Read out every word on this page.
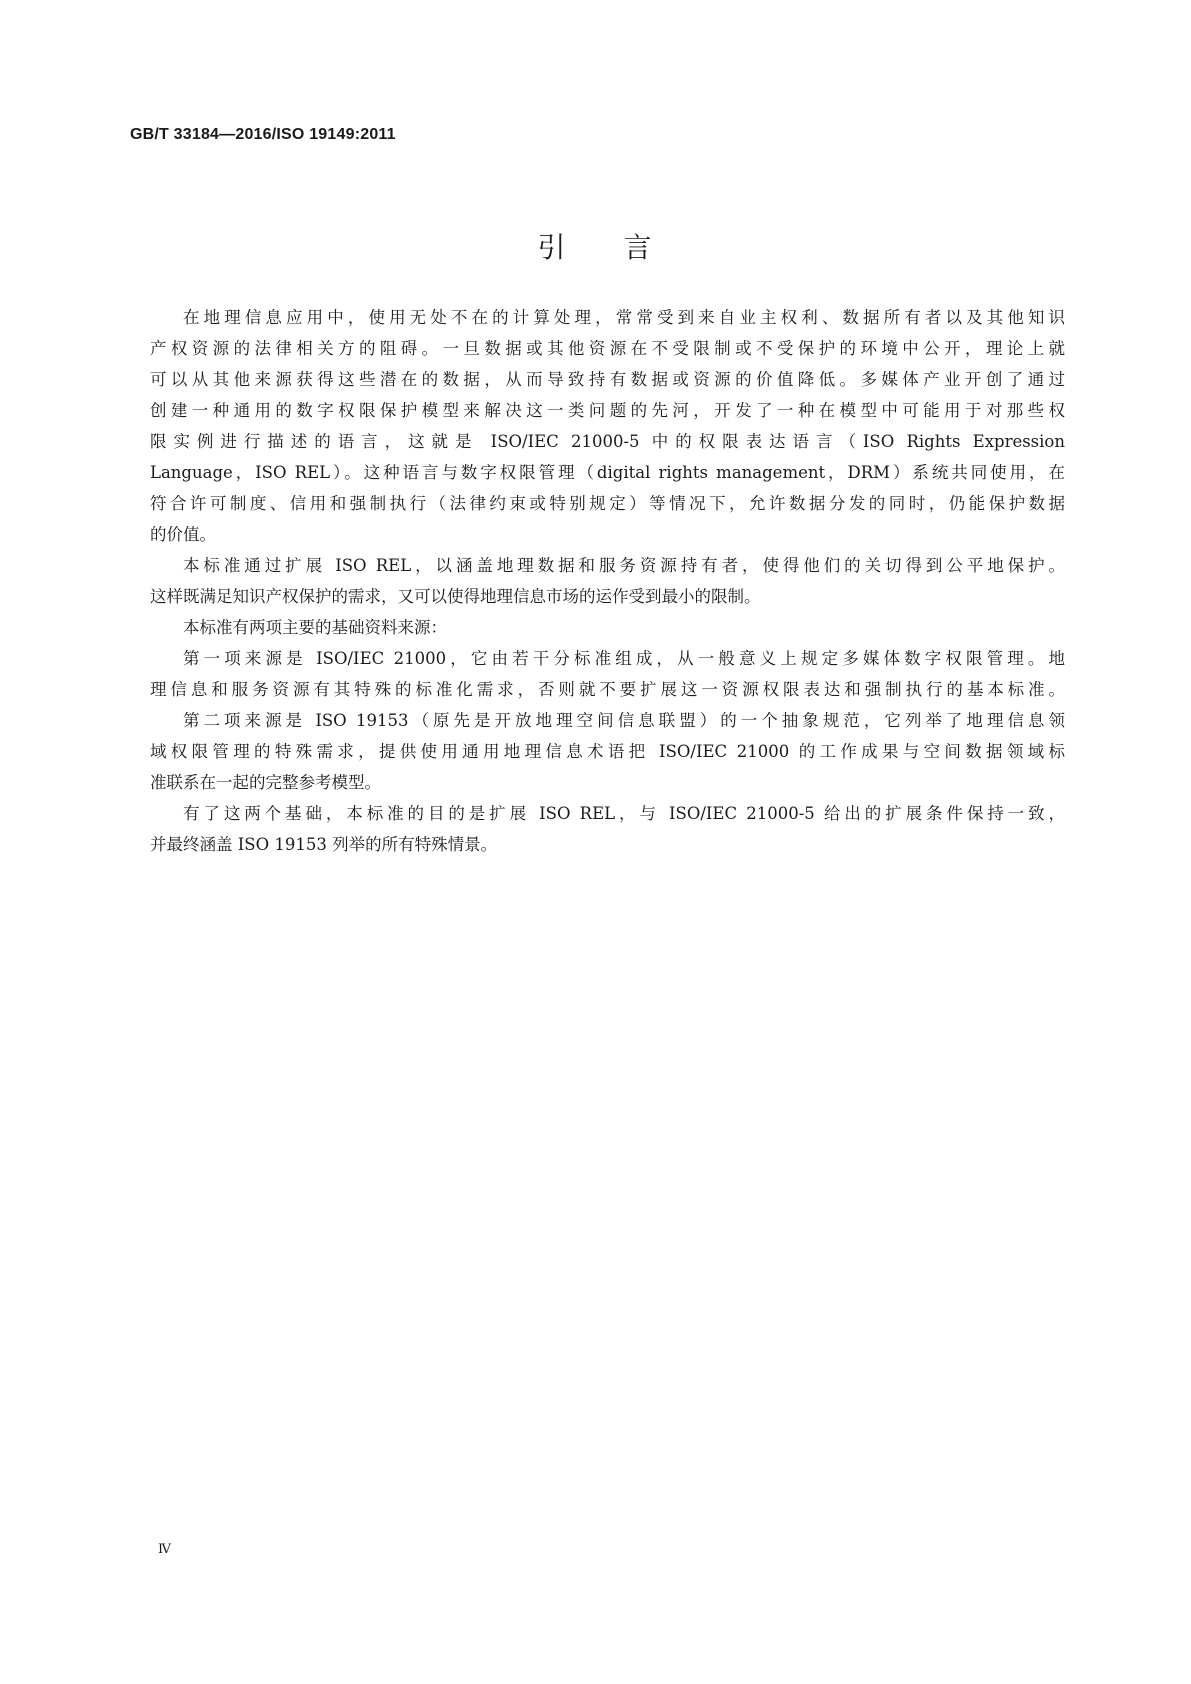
GB/T 33184—2016/ISO 19149:2011
引 言
在地理信息应用中，使用无处不在的计算处理，常常受到来自业主权利、数据所有者以及其他知识
产权资源的法律相关方的阻碍。一旦数据或其他资源在不受限制或不受保护的环境中公开，理论上就
可以从其他来源获得这些潜在的数据，从而导致持有数据或资源的价值降低。多媒体产业开创了通过
创建一种通用的数字权限保护模型来解决这一类问题的先河，开发了一种在模型中可能用于对那些权
限实例进行描述的语言，这就是 ISO/IEC 21000-5 中的权限表达语言（ISO Rights Expression
Language，ISO REL）。这种语言与数字权限管理（digital rights management，DRM）系统共同使用，在
符合许可制度、信用和强制执行（法律约束或特别规定）等情况下，允许数据分发的同时，仍能保护数据
的价值。
本标准通过扩展 ISO REL，以涵盖地理数据和服务资源持有者，使得他们的关切得到公平地保护。
这样既满足知识产权保护的需求，又可以使得地理信息市场的运作受到最小的限制。
本标准有两项主要的基础资料来源：
第一项来源是 ISO/IEC 21000，它由若干分标准组成，从一般意义上规定多媒体数字权限管理。地
理信息和服务资源有其特殊的标准化需求，否则就不要扩展这一资源权限表达和强制执行的基本标准。
第二项来源是 ISO 19153（原先是开放地理空间信息联盟）的一个抽象规范，它列举了地理信息领
域权限管理的特殊需求，提供使用通用地理信息术语把 ISO/IEC 21000 的工作成果与空间数据领域标
准联系在一起的完整参考模型。
有了这两个基础，本标准的目的是扩展 ISO REL，与 ISO/IEC 21000-5 给出的扩展条件保持一致，
并最终涵盖 ISO 19153 列举的所有特殊情景。
Ⅳ
